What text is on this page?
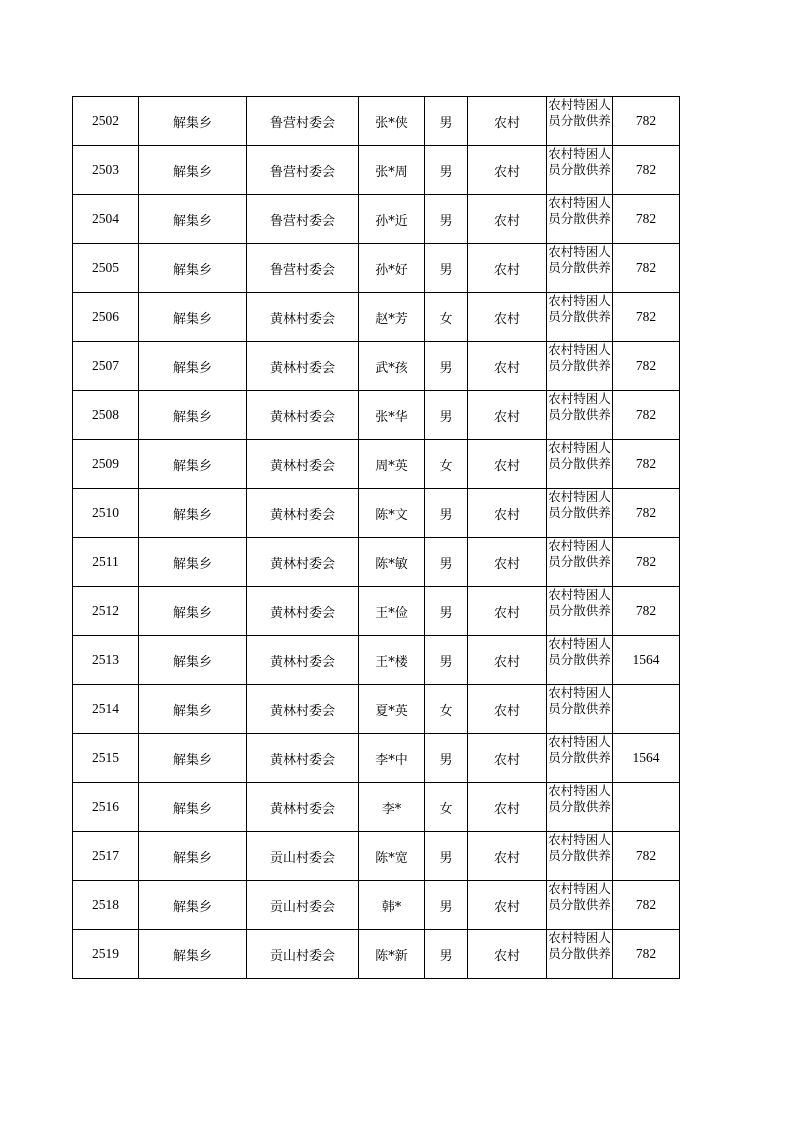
2502	解集乡	鲁营村委会	张*侠	男	农村	农村特困人员分散供养	782
2503	解集乡	鲁营村委会	张*周	男	农村	农村特困人员分散供养	782
2504	解集乡	鲁营村委会	孙*近	男	农村	农村特困人员分散供养	782
2505	解集乡	鲁营村委会	孙*好	男	农村	农村特困人员分散供养	782
2506	解集乡	黄林村委会	赵*芳	女	农村	农村特困人员分散供养	782
2507	解集乡	黄林村委会	武*孩	男	农村	农村特困人员分散供养	782
2508	解集乡	黄林村委会	张*华	男	农村	农村特困人员分散供养	782
2509	解集乡	黄林村委会	周*英	女	农村	农村特困人员分散供养	782
2510	解集乡	黄林村委会	陈*文	男	农村	农村特困人员分散供养	782
2511	解集乡	黄林村委会	陈*敏	男	农村	农村特困人员分散供养	782
2512	解集乡	黄林村委会	王*俭	男	农村	农村特困人员分散供养	782
2513	解集乡	黄林村委会	王*楼	男	农村	农村特困人员分散供养	1564
2514	解集乡	黄林村委会	夏*英	女	农村	农村特困人员分散供养	

2515	解集乡	黄林村委会	李*中	男	农村	农村特困人员分散供养	1564
2516	解集乡	黄林村委会	李*	女	农村	农村特困人员分散供养	

2517	解集乡	贡山村委会	陈*宽	男	农村	农村特困人员分散供养	782
2518	解集乡	贡山村委会	韩*	男	农村	农村特困人员分散供养	782
2519	解集乡	贡山村委会	陈*新	男	农村	农村特困人员分散供养	782
